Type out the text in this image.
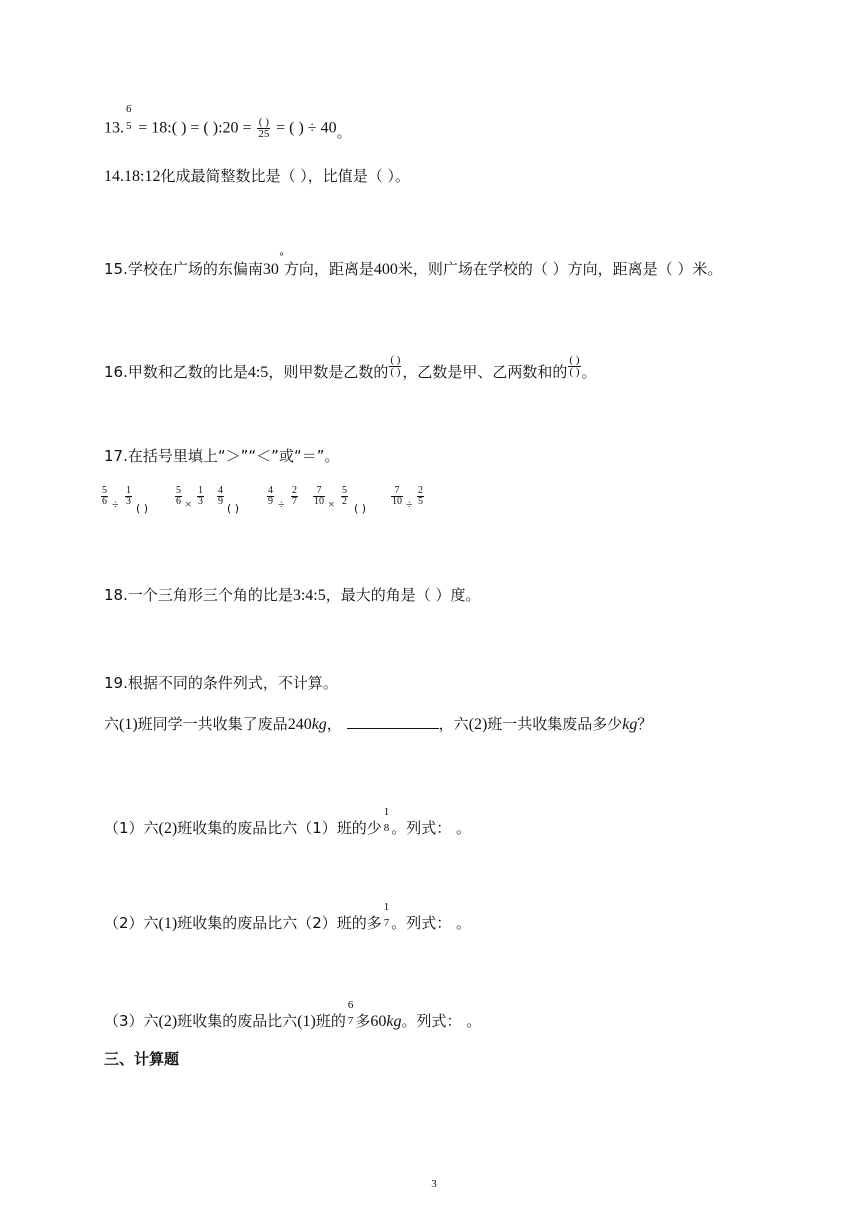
13.
6
5 = 18:( ) = ( ):20 = $\frac{( )}{25}$ = ( ) ÷ 40。
14.18:12化成最简整数比是（ ），比值是（ ）。
15.学校在广场的东偏南30°方向，距离是400米，则广场在学校的（ ）方向，距离是（ ）米。
16.甲数和乙数的比是4:5，则甲数是乙数的 $\frac{( )}{( )}$ ，乙数是甲、乙两数和的 $\frac{( )}{( )}$ 。
17.在括号里填上“＞”“＜”或“＝”。
5
6 ÷
1
3
( )
5
6 ×
1
3
4
9
( )
4
9 ÷
2
7
7
10 ×
5
2
( )
7
10 ÷
2
5
18.一个三角形三个角的比是3:4:5，最大的角是（ ）度。
19.根据不同的条件列式，不计算。
六(1)班同学一共收集了废品240kg，	，六(2)班一共收集废品多少kg？
（1）六(2)班收集的废品比六（1）班的少
1
8 。列式： 。
（2）六(1)班收集的废品比六（2）班的多
1
7 。列式： 。
（3）六(2)班收集的废品比六(1)班的
6
7 多60kg。列式： 。
三、计算题
3
